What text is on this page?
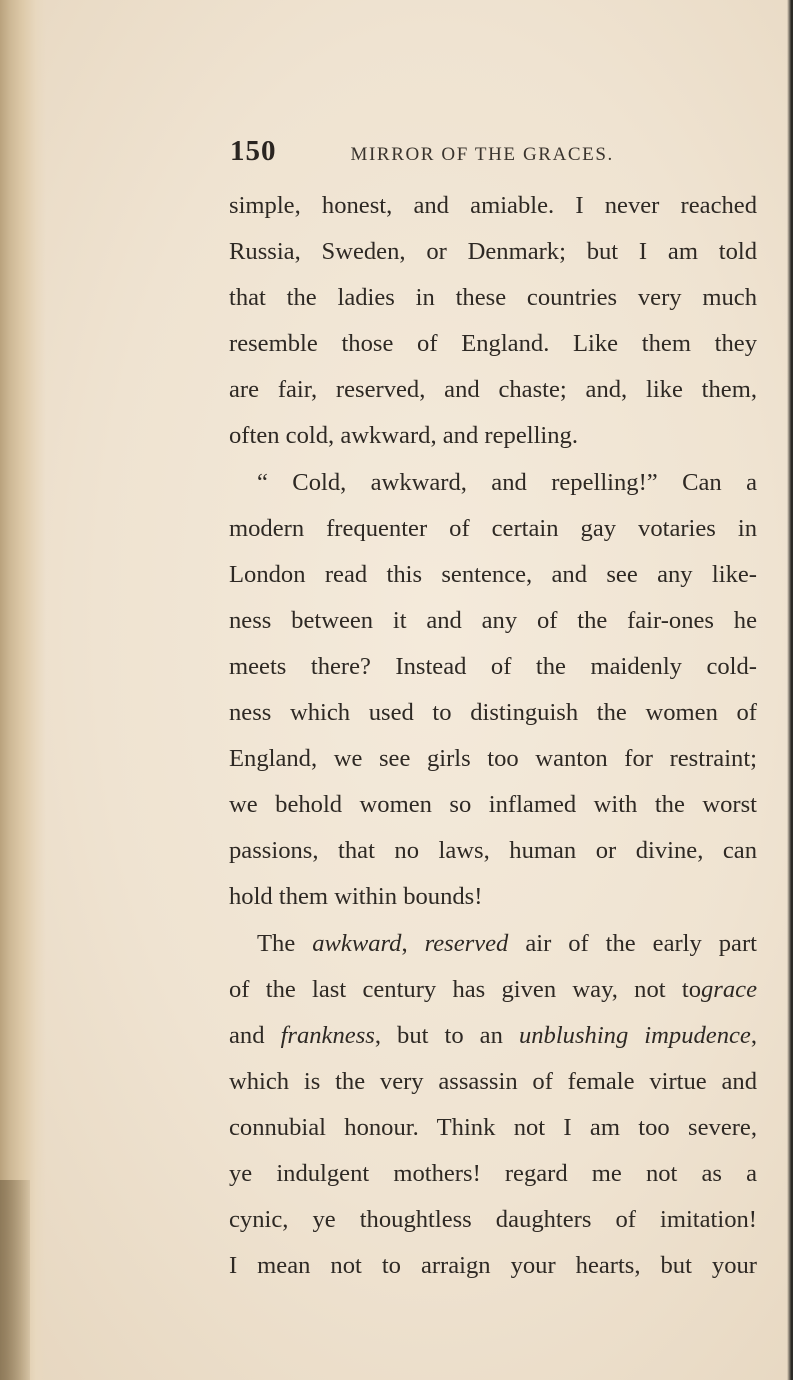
150	MIRROR OF THE GRACES.
simple, honest, and amiable. I never reached
Russia, Sweden, or Denmark; but I am told
that the ladies in these countries very much
resemble those of England. Like them they
are fair, reserved, and chaste; and, like them,
often cold, awkward, and repelling.
“ Cold, awkward, and repelling!” Can a
modern frequenter of certain gay votaries in
London read this sentence, and see any like-
ness between it and any of the fair-ones he
meets there? Instead of the maidenly cold-
ness which used to distinguish the women of
England, we see girls too wanton for restraint;
we behold women so inflamed with the worst
passions, that no laws, human or divine, can
hold them within bounds!
The awkward, reserved air of the early part
of the last century has given way, not tograce
and frankness, but to an unblushing impudence,
which is the very assassin of female virtue and
connubial honour. Think not I am too severe,
ye indulgent mothers! regard me not as a
cynic, ye thoughtless daughters of imitation!
I mean not to arraign your hearts, but your
